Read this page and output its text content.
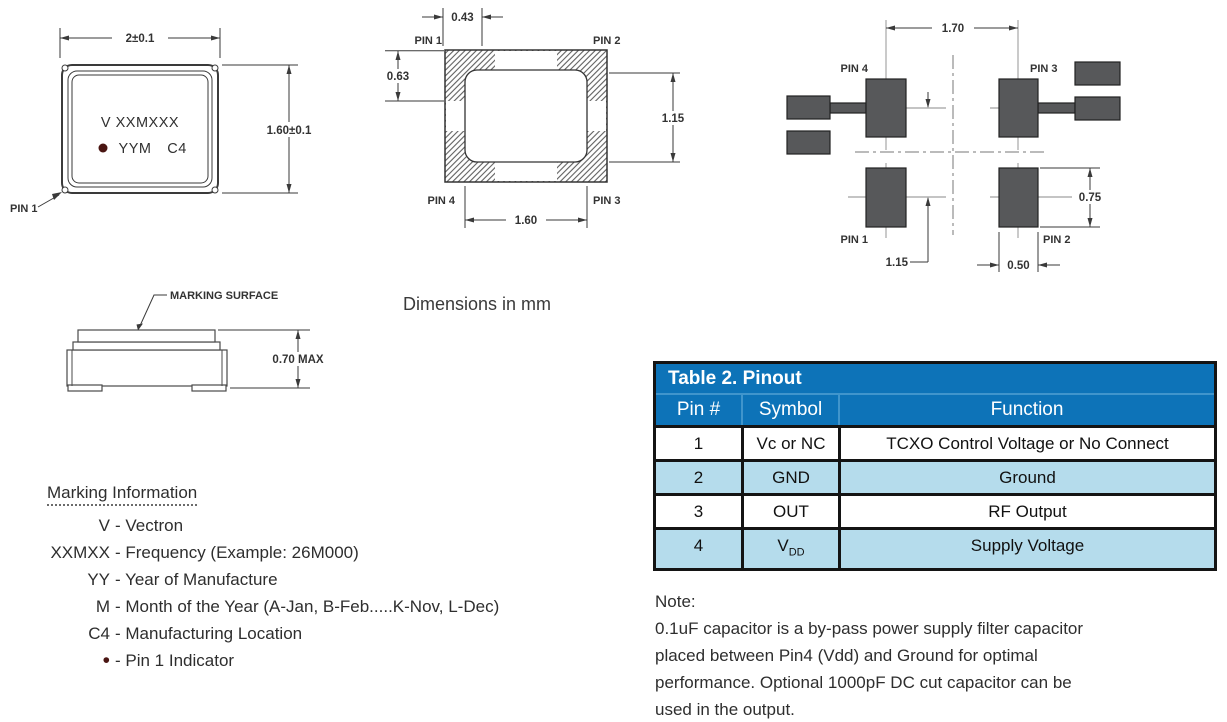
2±0.1
1.60±0.1
V XXMXXX
YYM C4
PIN 1
0.43
0.63
1.15
1.60
PIN 1	PIN 2
PIN 4	PIN 3
1.70
0.75
1.15	0.50
PIN 4	PIN 3
PIN 1	PIN 2
MARKING SURFACE
0.70 MAX
Dimensions in mm
Table 2. Pinout
Pin #	Symbol	Function
1	Vc or NC	TCXO Control Voltage or No Connect
2	GND	Ground
3	OUT	RF Output
4	$V_{DD}$	Supply Voltage
Marking Information
V - Vectron
XXMXX - Frequency (Example: 26M000)
YY - Year of Manufacture
M - Month of the Year (A-Jan, B-Feb.....K-Nov, L-Dec)
C4 - Manufacturing Location
• - Pin 1 Indicator
Note:
0.1uF capacitor is a by-pass power supply filter capacitor
placed between Pin4 (Vdd) and Ground for optimal
performance. Optional 1000pF DC cut capacitor can be
used in the output.
